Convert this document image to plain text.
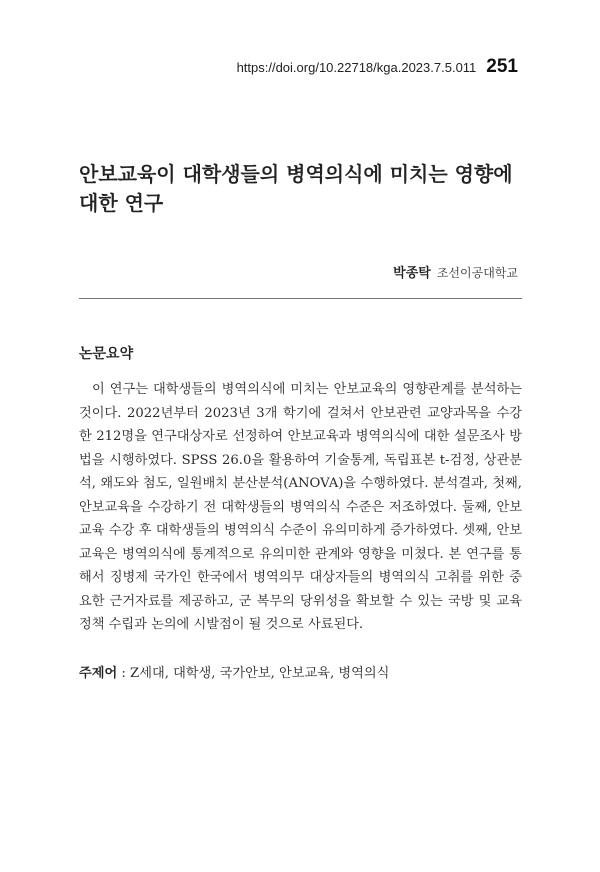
https://doi.org/10.22718/kga.2023.7.5.011 251
안보교육이 대학생들의 병역의식에 미치는 영향에 대한 연구
박종탁 조선이공대학교
논문요약

이 연구는 대학생들의 병역의식에 미치는 안보교육의 영향관계를 분석하는 것이다. 2022년부터 2023년 3개 학기에 걸쳐서 안보관련 교양과목을 수강한 212명을 연구대상자로 선정하여 안보교육과 병역의식에 대한 설문조사 방법을 시행하였다. SPSS 26.0을 활용하여 기술통계, 독립표본 t-검정, 상관분석, 왜도와 첨도, 일원배치 분산분석(ANOVA)을 수행하였다. 분석결과, 첫째, 안보교육을 수강하기 전 대학생들의 병역의식 수준은 저조하였다. 둘째, 안보교육 수강 후 대학생들의 병역의식 수준이 유의미하게 증가하였다. 셋째, 안보교육은 병역의식에 통계적으로 유의미한 관계와 영향을 미쳤다. 본 연구를 통해서 징병제 국가인 한국에서 병역의무 대상자들의 병역의식 고취를 위한 중요한 근거자료를 제공하고, 군 복무의 당위성을 확보할 수 있는 국방 및 교육정책 수립과 논의에 시발점이 될 것으로 사료된다.

주제어 : Z세대, 대학생, 국가안보, 안보교육, 병역의식
